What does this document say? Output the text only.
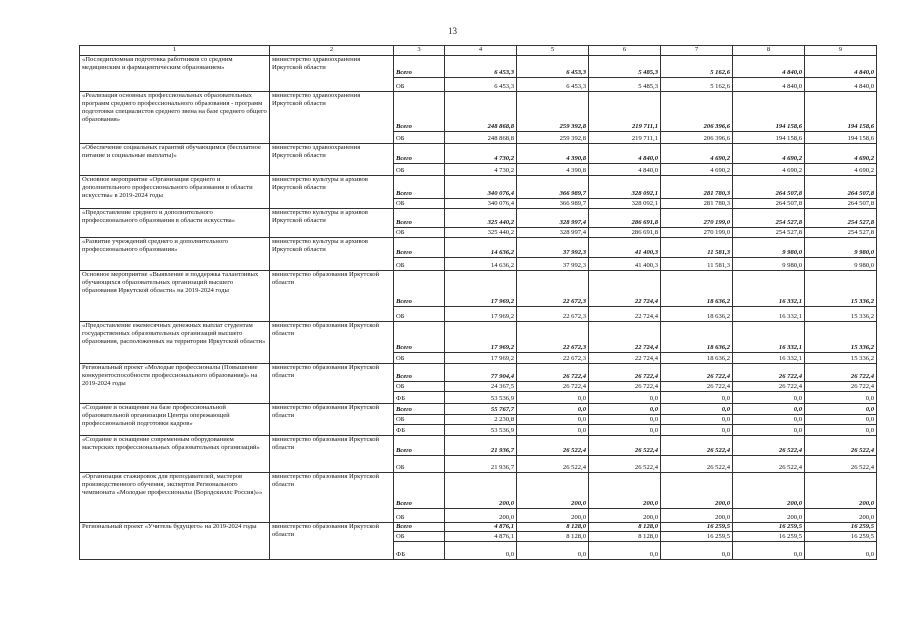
13
1	2	3	4	5	6	7	8	9
«Последипломная подготовка работников со средним медицинским и фармацевтическим образованием»	министерство здравоохранения Иркутской области	Всего	6 453,3	6 453,3	5 485,3	5 162,6	4 840,0	4 840,0
		ОБ	6 453,3	6 453,3	5 485,3	5 162,6	4 840,0	4 840,0
«Реализация основных профессиональных образовательных программ среднего профессионального образования - программ подготовки специалистов среднего звена на базе среднего общего образования»	министерство здравоохранения Иркутской области	Всего	248 868,8	259 392,8	219 711,1	206 396,6	194 158,6	194 158,6
		ОБ	248 868,8	259 392,8	219 711,1	206 396,6	194 158,6	194 158,6
«Обеспечение социальных гарантий обучающимся (бесплатное питание и социальные выплаты)»	министерство здравоохранения Иркутской области	Всего	4 730,2	4 390,8	4 840,0	4 690,2	4 690,2	4 690,2
		ОБ	4 730,2	4 390,8	4 840,0	4 690,2	4 690,2	4 690,2
Основное мероприятие «Организация среднего и дополнительного профессионального образования в области искусства» в 2019-2024 годы	министерство культуры и архивов Иркутской области	Всего	340 076,4	366 989,7	328 092,1	281 780,3	264 507,8	264 507,8
		ОБ	340 076,4	366 989,7	328 092,1	281 780,3	264 507,8	264 507,8
«Предоставление среднего и дополнительного профессионального образования в области искусства»	министерство культуры и архивов Иркутской области	Всего	325 440,2	328 997,4	286 691,8	270 199,0	254 527,8	254 527,8
		ОБ	325 440,2	328 997,4	286 691,8	270 199,0	254 527,8	254 527,8
«Развитие учреждений среднего и дополнительного профессионального образования»	министерство культуры и архивов Иркутской области	Всего	14 636,2	37 992,3	41 400,3	11 581,3	9 980,0	9 980,0
		ОБ	14 636,2	37 992,3	41 400,3	11 581,3	9 980,0	9 980,0
Основное мероприятие «Выявление и поддержка талантливых обучающихся образовательных организаций высшего образования Иркутской области» на 2019-2024 годы	министерство образования Иркутской области	Всего	17 969,2	22 672,3	22 724,4	18 636,2	16 332,1	15 336,2
		ОБ	17 969,2	22 672,3	22 724,4	18 636,2	16 332,1	15 336,2
«Предоставление ежемесячных денежных выплат студентам государственных образовательных организаций высшего образования, расположенных на территории Иркутской области»	министерство образования Иркутской области	Всего	17 969,2	22 672,3	22 724,4	18 636,2	16 332,1	15 336,2
		ОБ	17 969,2	22 672,3	22 724,4	18 636,2	16 332,1	15 336,2
Региональный проект «Молодые профессионалы (Повышение конкурентоспособности профессионального образования)» на 2019-2024 годы	министерство образования Иркутской области	Всего	77 904,4	26 722,4	26 722,4	26 722,4	26 722,4	26 722,4
		ОБ	24 367,5	26 722,4	26 722,4	26 722,4	26 722,4	26 722,4
		ФБ	53 536,9	0,0	0,0	0,0	0,0	0,0
«Создание и оснащение на базе профессиональной образовательной организации Центра опережающей профессиональной подготовки кадров»	министерство образования Иркутской области	Всего	55 767,7	0,0	0,0	0,0	0,0	0,0
		ОБ	2 230,8	0,0	0,0	0,0	0,0	0,0
		ФБ	53 536,9	0,0	0,0	0,0	0,0	0,0
«Создание и оснащение современным оборудованием мастерских профессиональных образовательных организаций»	министерство образования Иркутской области	Всего	21 936,7	26 522,4	26 522,4	26 522,4	26 522,4	26 522,4
		ОБ	21 936,7	26 522,4	26 522,4	26 522,4	26 522,4	26 522,4
«Организация стажировок для преподавателей, мастеров производственного обучения, экспертов Регионального чемпионата «Молодые профессионалы (Ворлдскиллс Россия)»»	министерство образования Иркутской области	Всего	200,0	200,0	200,0	200,0	200,0	200,0
		ОБ	200,0	200,0	200,0	200,0	200,0	200,0
Региональный проект «Учитель будущего» на 2019-2024 годы	министерство образования Иркутской области	Всего	4 876,1	8 128,0	8 128,0	16 259,5	16 259,5	16 259,5
		ОБ	4 876,1	8 128,0	8 128,0	16 259,5	16 259,5	16 259,5
		ФБ	0,0	0,0	0,0	0,0	0,0	0,0
